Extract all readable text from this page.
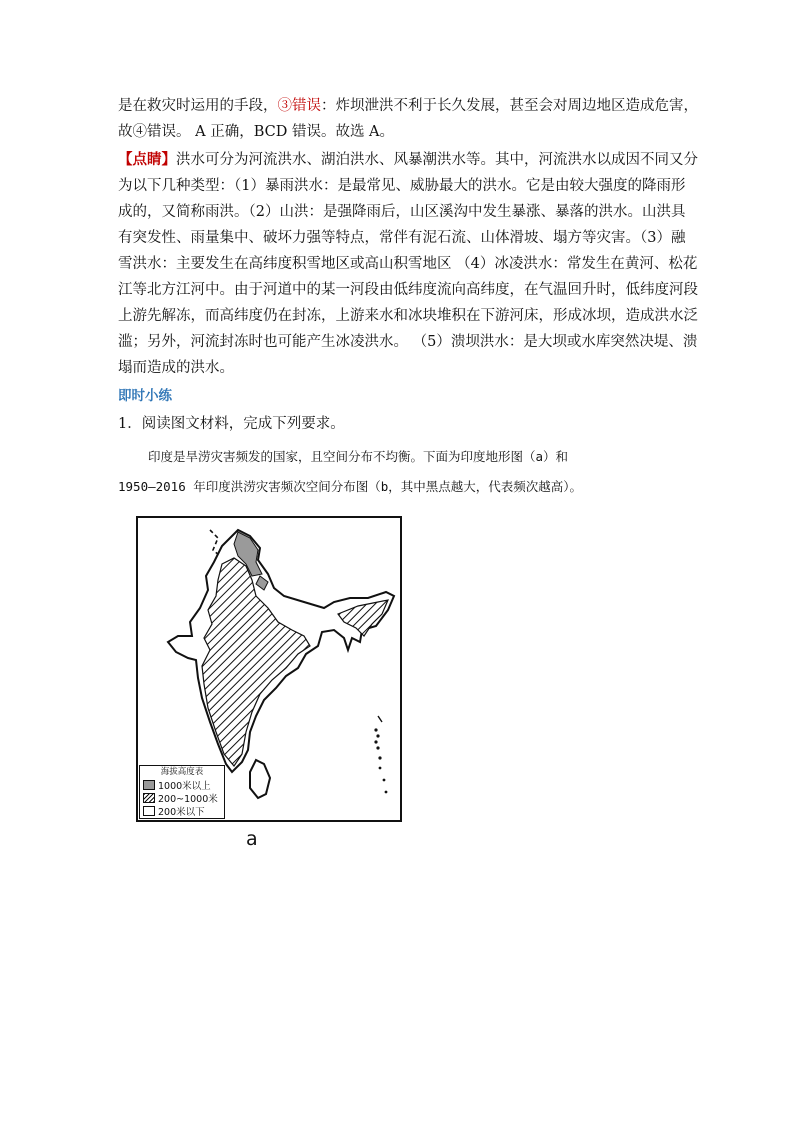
是在救灾时运用的手段，③错误：炸坝泄洪不利于长久发展，甚至会对周边地区造成危害，
故④错误。 A 正确，BCD 错误。故选 A。
【点睛】洪水可分为河流洪水、湖泊洪水、风暴潮洪水等。其中，河流洪水以成因不同又分
为以下几种类型：（1）暴雨洪水：是最常见、威胁最大的洪水。它是由较大强度的降雨形
成的，又简称雨洪。（2）山洪：是强降雨后，山区溪沟中发生暴涨、暴落的洪水。山洪具
有突发性、雨量集中、破坏力强等特点，常伴有泥石流、山体滑坡、塌方等灾害。（3）融
雪洪水：主要发生在高纬度积雪地区或高山积雪地区 （4）冰凌洪水：常发生在黄河、松花
江等北方江河中。由于河道中的某一河段由低纬度流向高纬度，在气温回升时，低纬度河段
上游先解冻，而高纬度仍在封冻，上游来水和冰块堆积在下游河床，形成冰坝，造成洪水泛
滥；另外，河流封冻时也可能产生冰凌洪水。 （5）溃坝洪水：是大坝或水库突然决堤、溃
塌而造成的洪水。
即时小练
1．阅读图文材料，完成下列要求。
印度是旱涝灾害频发的国家，且空间分布不均衡。下面为印度地形图（a）和
1950—2016 年印度洪涝灾害频次空间分布图（b，其中黑点越大，代表频次越高）。
海拔高度表
1000米以上
200~1000米
200米以下
a
